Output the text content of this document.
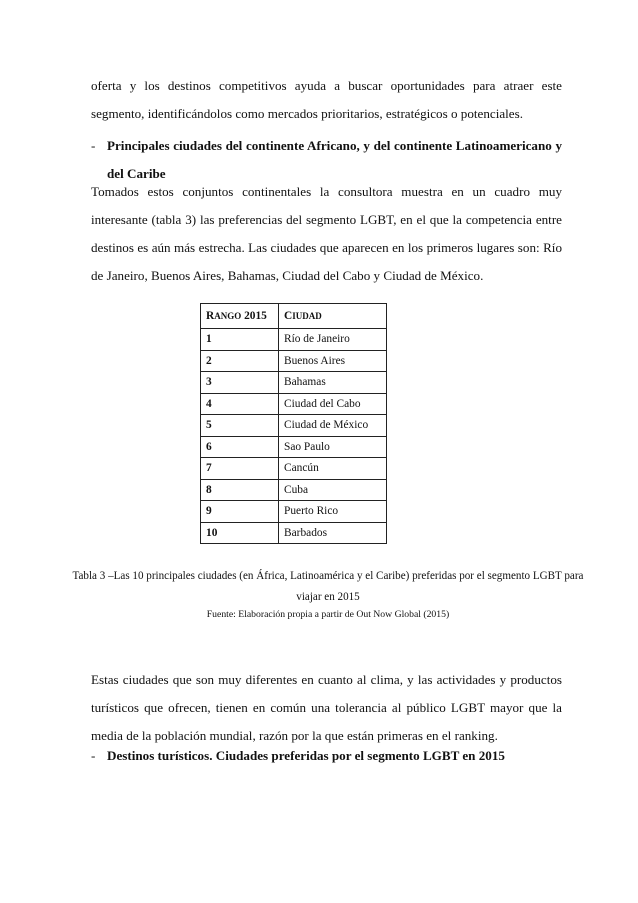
oferta y los destinos competitivos ayuda a buscar oportunidades para atraer este segmento, identificándolos como mercados prioritarios, estratégicos o potenciales.

- Principales ciudades del continente Africano, y del continente Latinoamericano y del Caribe

Tomados estos conjuntos continentales la consultora muestra en un cuadro muy interesante (tabla 3) las preferencias del segmento LGBT, en el que la competencia entre destinos es aún más estrecha. Las ciudades que aparecen en los primeros lugares son: Río de Janeiro, Buenos Aires, Bahamas, Ciudad del Cabo y Ciudad de México.

RANGO 2015	CIUDAD
1	Río de Janeiro
2	Buenos Aires
3	Bahamas
4	Ciudad del Cabo
5	Ciudad de México
6	Sao Paulo
7	Cancún
8	Cuba
9	Puerto Rico
10	Barbados

Tabla 3 –Las 10 principales ciudades (en África, Latinoamérica y el Caribe) preferidas por el segmento LGBT para viajar en 2015

Fuente: Elaboración propia a partir de Out Now Global (2015)

Estas ciudades que son muy diferentes en cuanto al clima, y las actividades y productos turísticos que ofrecen, tienen en común una tolerancia al público LGBT mayor que la media de la población mundial, razón por la que están primeras en el ranking.

- Destinos turísticos. Ciudades preferidas por el segmento LGBT en 2015
